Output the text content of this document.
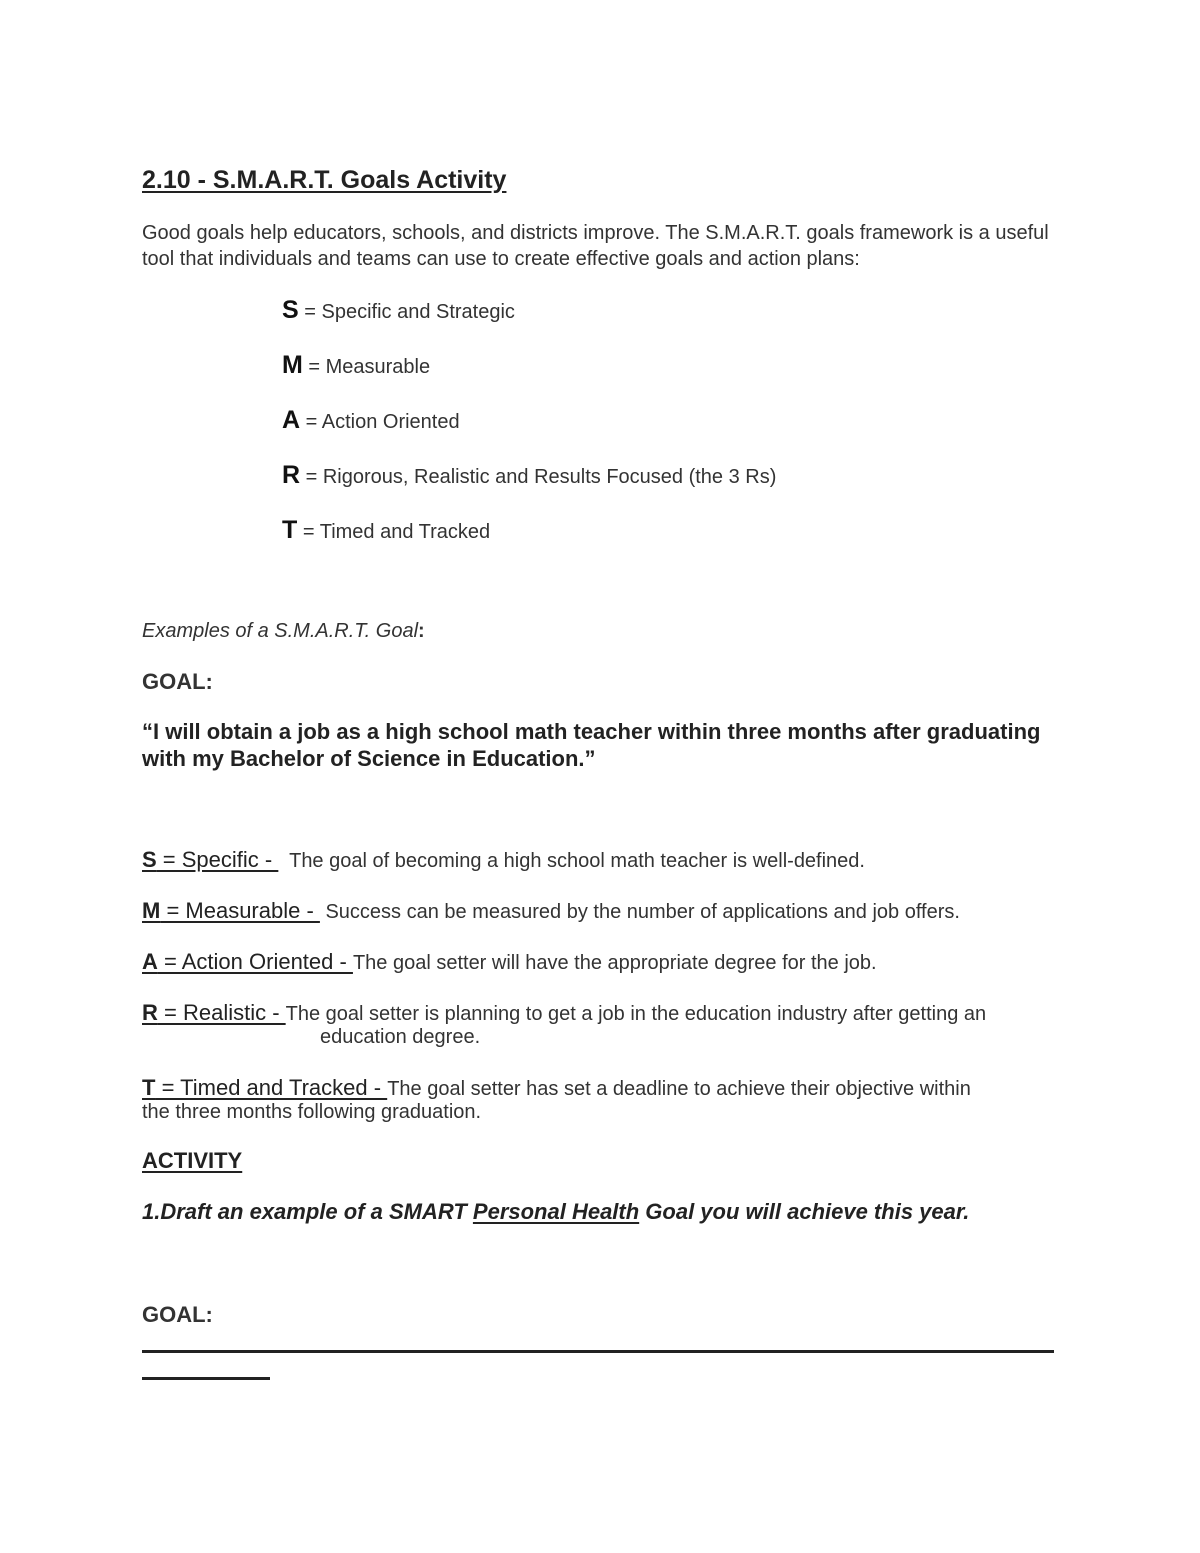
2.10 - S.M.A.R.T. Goals Activity
Good goals help educators, schools, and districts improve. The S.M.A.R.T. goals framework is a useful tool that individuals and teams can use to create effective goals and action plans:
S = Specific and Strategic
M = Measurable
A = Action Oriented
R = Rigorous, Realistic and Results Focused (the 3 Rs)
T = Timed and Tracked
Examples of a S.M.A.R.T. Goal:
GOAL:
“I will obtain a job as a high school math teacher within three months after graduating with my Bachelor of Science in Education.”
S = Specific -   The goal of becoming a high school math teacher is well-defined.
M = Measurable -  Success can be measured by the number of applications and job offers.
A = Action Oriented - The goal setter will have the appropriate degree for the job.
R = Realistic - The goal setter is planning to get a job in the education industry after getting an
education degree.
T = Timed and Tracked - The goal setter has set a deadline to achieve their objective within
the three months following graduation.
ACTIVITY
1.Draft an example of a SMART Personal Health Goal you will achieve this year.
GOAL:
